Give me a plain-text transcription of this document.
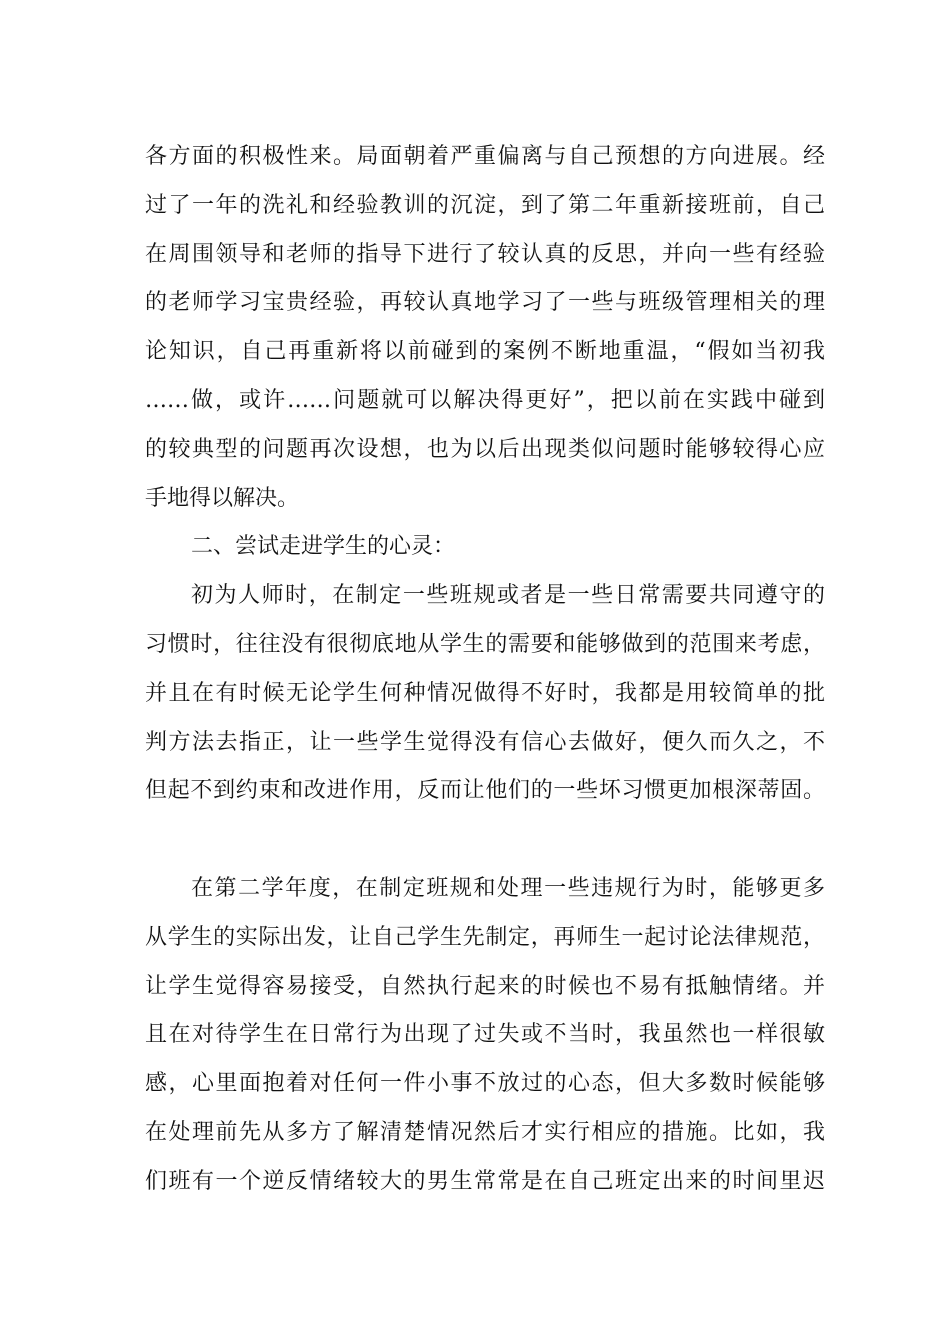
各方面的积极性来。局面朝着严重偏离与自己预想的方向进展。经
过了一年的洗礼和经验教训的沉淀，到了第二年重新接班前，自己
在周围领导和老师的指导下进行了较认真的反思，并向一些有经验
的老师学习宝贵经验，再较认真地学习了一些与班级管理相关的理
论知识，自己再重新将以前碰到的案例不断地重温，“假如当初我
……做，或许……问题就可以解决得更好”，把以前在实践中碰到
的较典型的问题再次设想，也为以后出现类似问题时能够较得心应
手地得以解决。
二、尝试走进学生的心灵：
初为人师时，在制定一些班规或者是一些日常需要共同遵守的
习惯时，往往没有很彻底地从学生的需要和能够做到的范围来考虑，
并且在有时候无论学生何种情况做得不好时，我都是用较简单的批
判方法去指正，让一些学生觉得没有信心去做好，便久而久之，不
但起不到约束和改进作用，反而让他们的一些坏习惯更加根深蒂固。
在第二学年度，在制定班规和处理一些违规行为时，能够更多
从学生的实际出发，让自己学生先制定，再师生一起讨论法律规范，
让学生觉得容易接受，自然执行起来的时候也不易有抵触情绪。并
且在对待学生在日常行为出现了过失或不当时，我虽然也一样很敏
感，心里面抱着对任何一件小事不放过的心态，但大多数时候能够
在处理前先从多方了解清楚情况然后才实行相应的措施。比如，我
们班有一个逆反情绪较大的男生常常是在自己班定出来的时间里迟
